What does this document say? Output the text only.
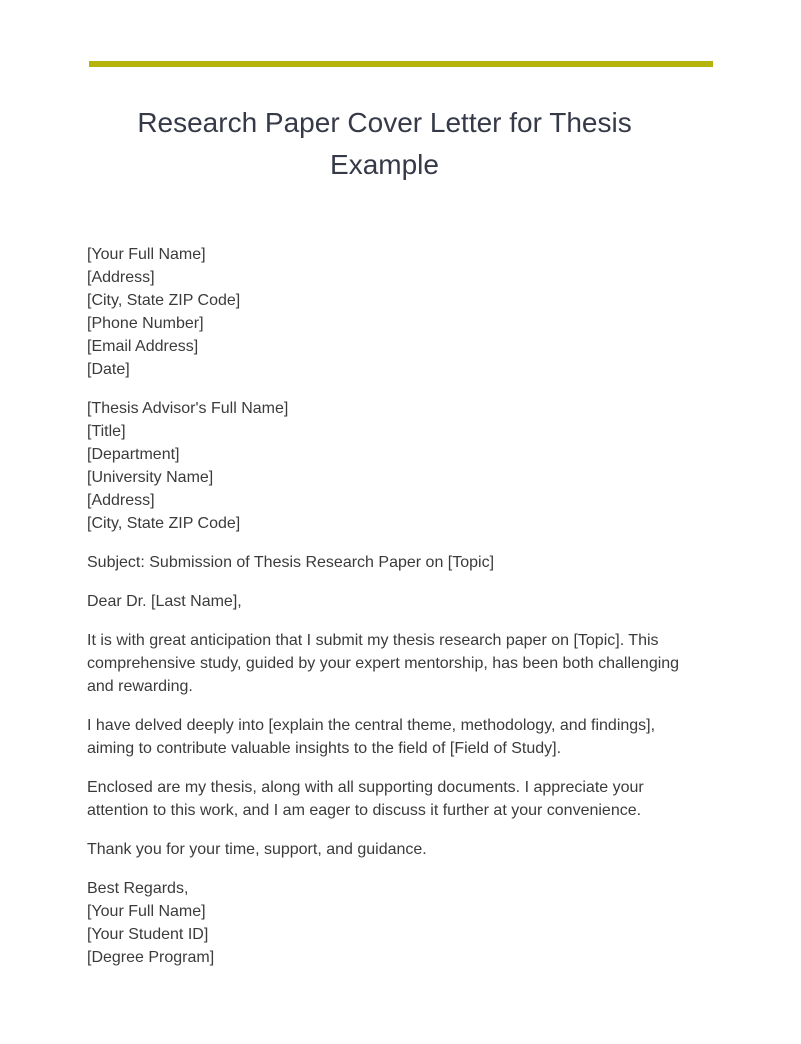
Research Paper Cover Letter for Thesis Example

[Your Full Name]
[Address]
[City, State ZIP Code]
[Phone Number]
[Email Address]
[Date]

[Thesis Advisor's Full Name]
[Title]
[Department]
[University Name]
[Address]
[City, State ZIP Code]

Subject: Submission of Thesis Research Paper on [Topic]

Dear Dr. [Last Name],

It is with great anticipation that I submit my thesis research paper on [Topic]. This comprehensive study, guided by your expert mentorship, has been both challenging and rewarding.

I have delved deeply into [explain the central theme, methodology, and findings], aiming to contribute valuable insights to the field of [Field of Study].

Enclosed are my thesis, along with all supporting documents. I appreciate your attention to this work, and I am eager to discuss it further at your convenience.

Thank you for your time, support, and guidance.

Best Regards,
[Your Full Name]
[Your Student ID]
[Degree Program]
